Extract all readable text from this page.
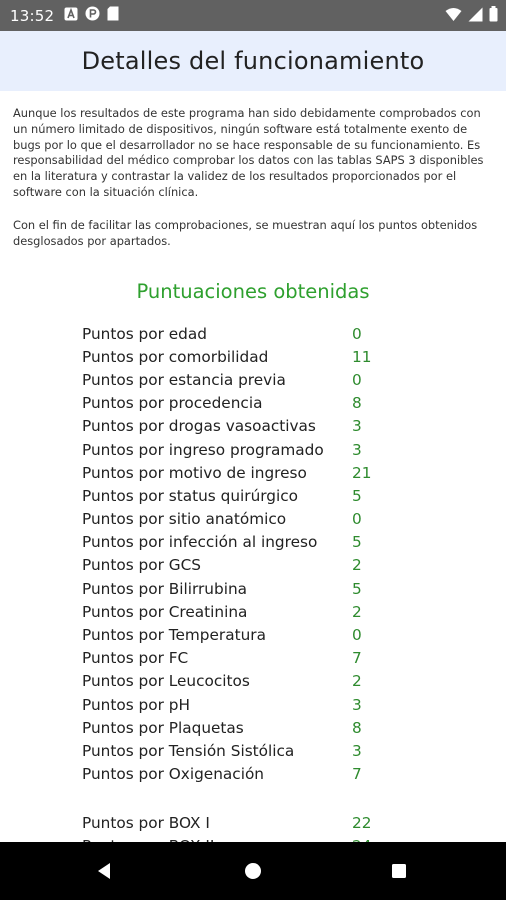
13:52
Detalles del funcionamiento

Aunque los resultados de este programa han sido debidamente comprobados con un número limitado de dispositivos, ningún software está totalmente exento de bugs por lo que el desarrollador no se hace responsable de su funcionamiento. Es responsabilidad del médico comprobar los datos con las tablas SAPS 3 disponibles en la literatura y contrastar la validez de los resultados proporcionados por el software con la situación clínica.

Con el fin de facilitar las comprobaciones, se muestran aquí los puntos obtenidos desglosados por apartados.

Puntuaciones obtenidas
Puntos por edad	0
Puntos por comorbilidad	11
Puntos por estancia previa	0
Puntos por procedencia	8
Puntos por drogas vasoactivas	3
Puntos por ingreso programado	3
Puntos por motivo de ingreso	21
Puntos por status quirúrgico	5
Puntos por sitio anatómico	0
Puntos por infección al ingreso	5
Puntos por GCS	2
Puntos por Bilirrubina	5
Puntos por Creatinina	2
Puntos por Temperatura	0
Puntos por FC	7
Puntos por Leucocitos	2
Puntos por pH	3
Puntos por Plaquetas	8
Puntos por Tensión Sistólica	3
Puntos por Oxigenación	7
Puntos por BOX I	22
